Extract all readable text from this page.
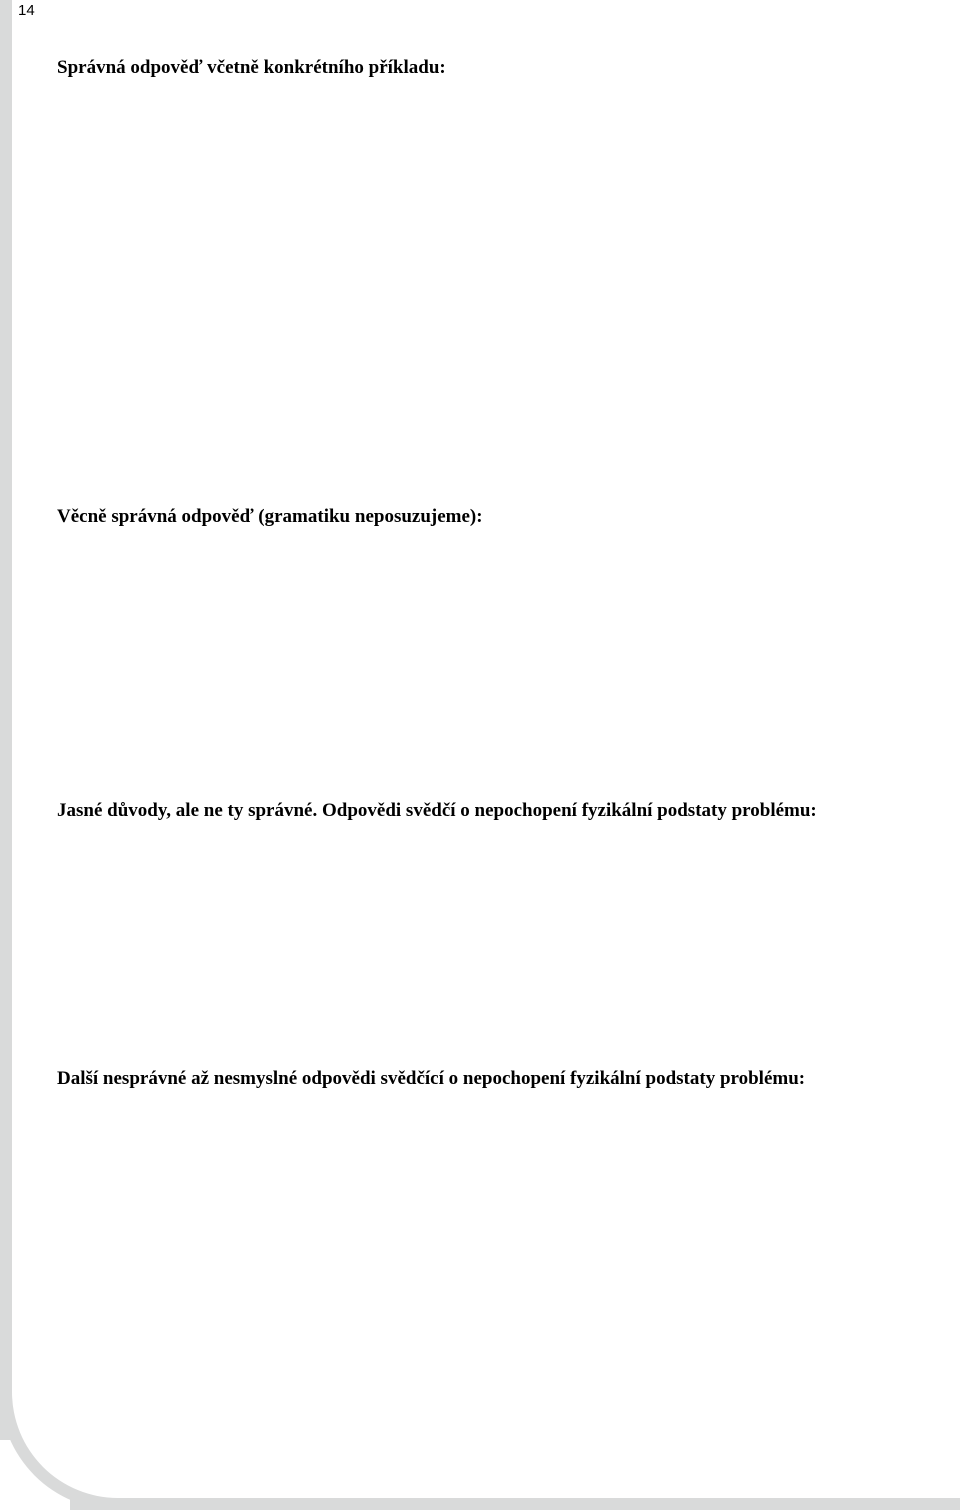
14
Správná odpověď včetně konkrétního příkladu:
Věcně správná odpověď (gramatiku neposuzujeme):
Jasné důvody, ale ne ty správné. Odpovědi svědčí o nepochopení fyzikální podstaty problému:
Další nesprávné až nesmyslné odpovědi svědčící o nepochopení fyzikální podstaty problému:
